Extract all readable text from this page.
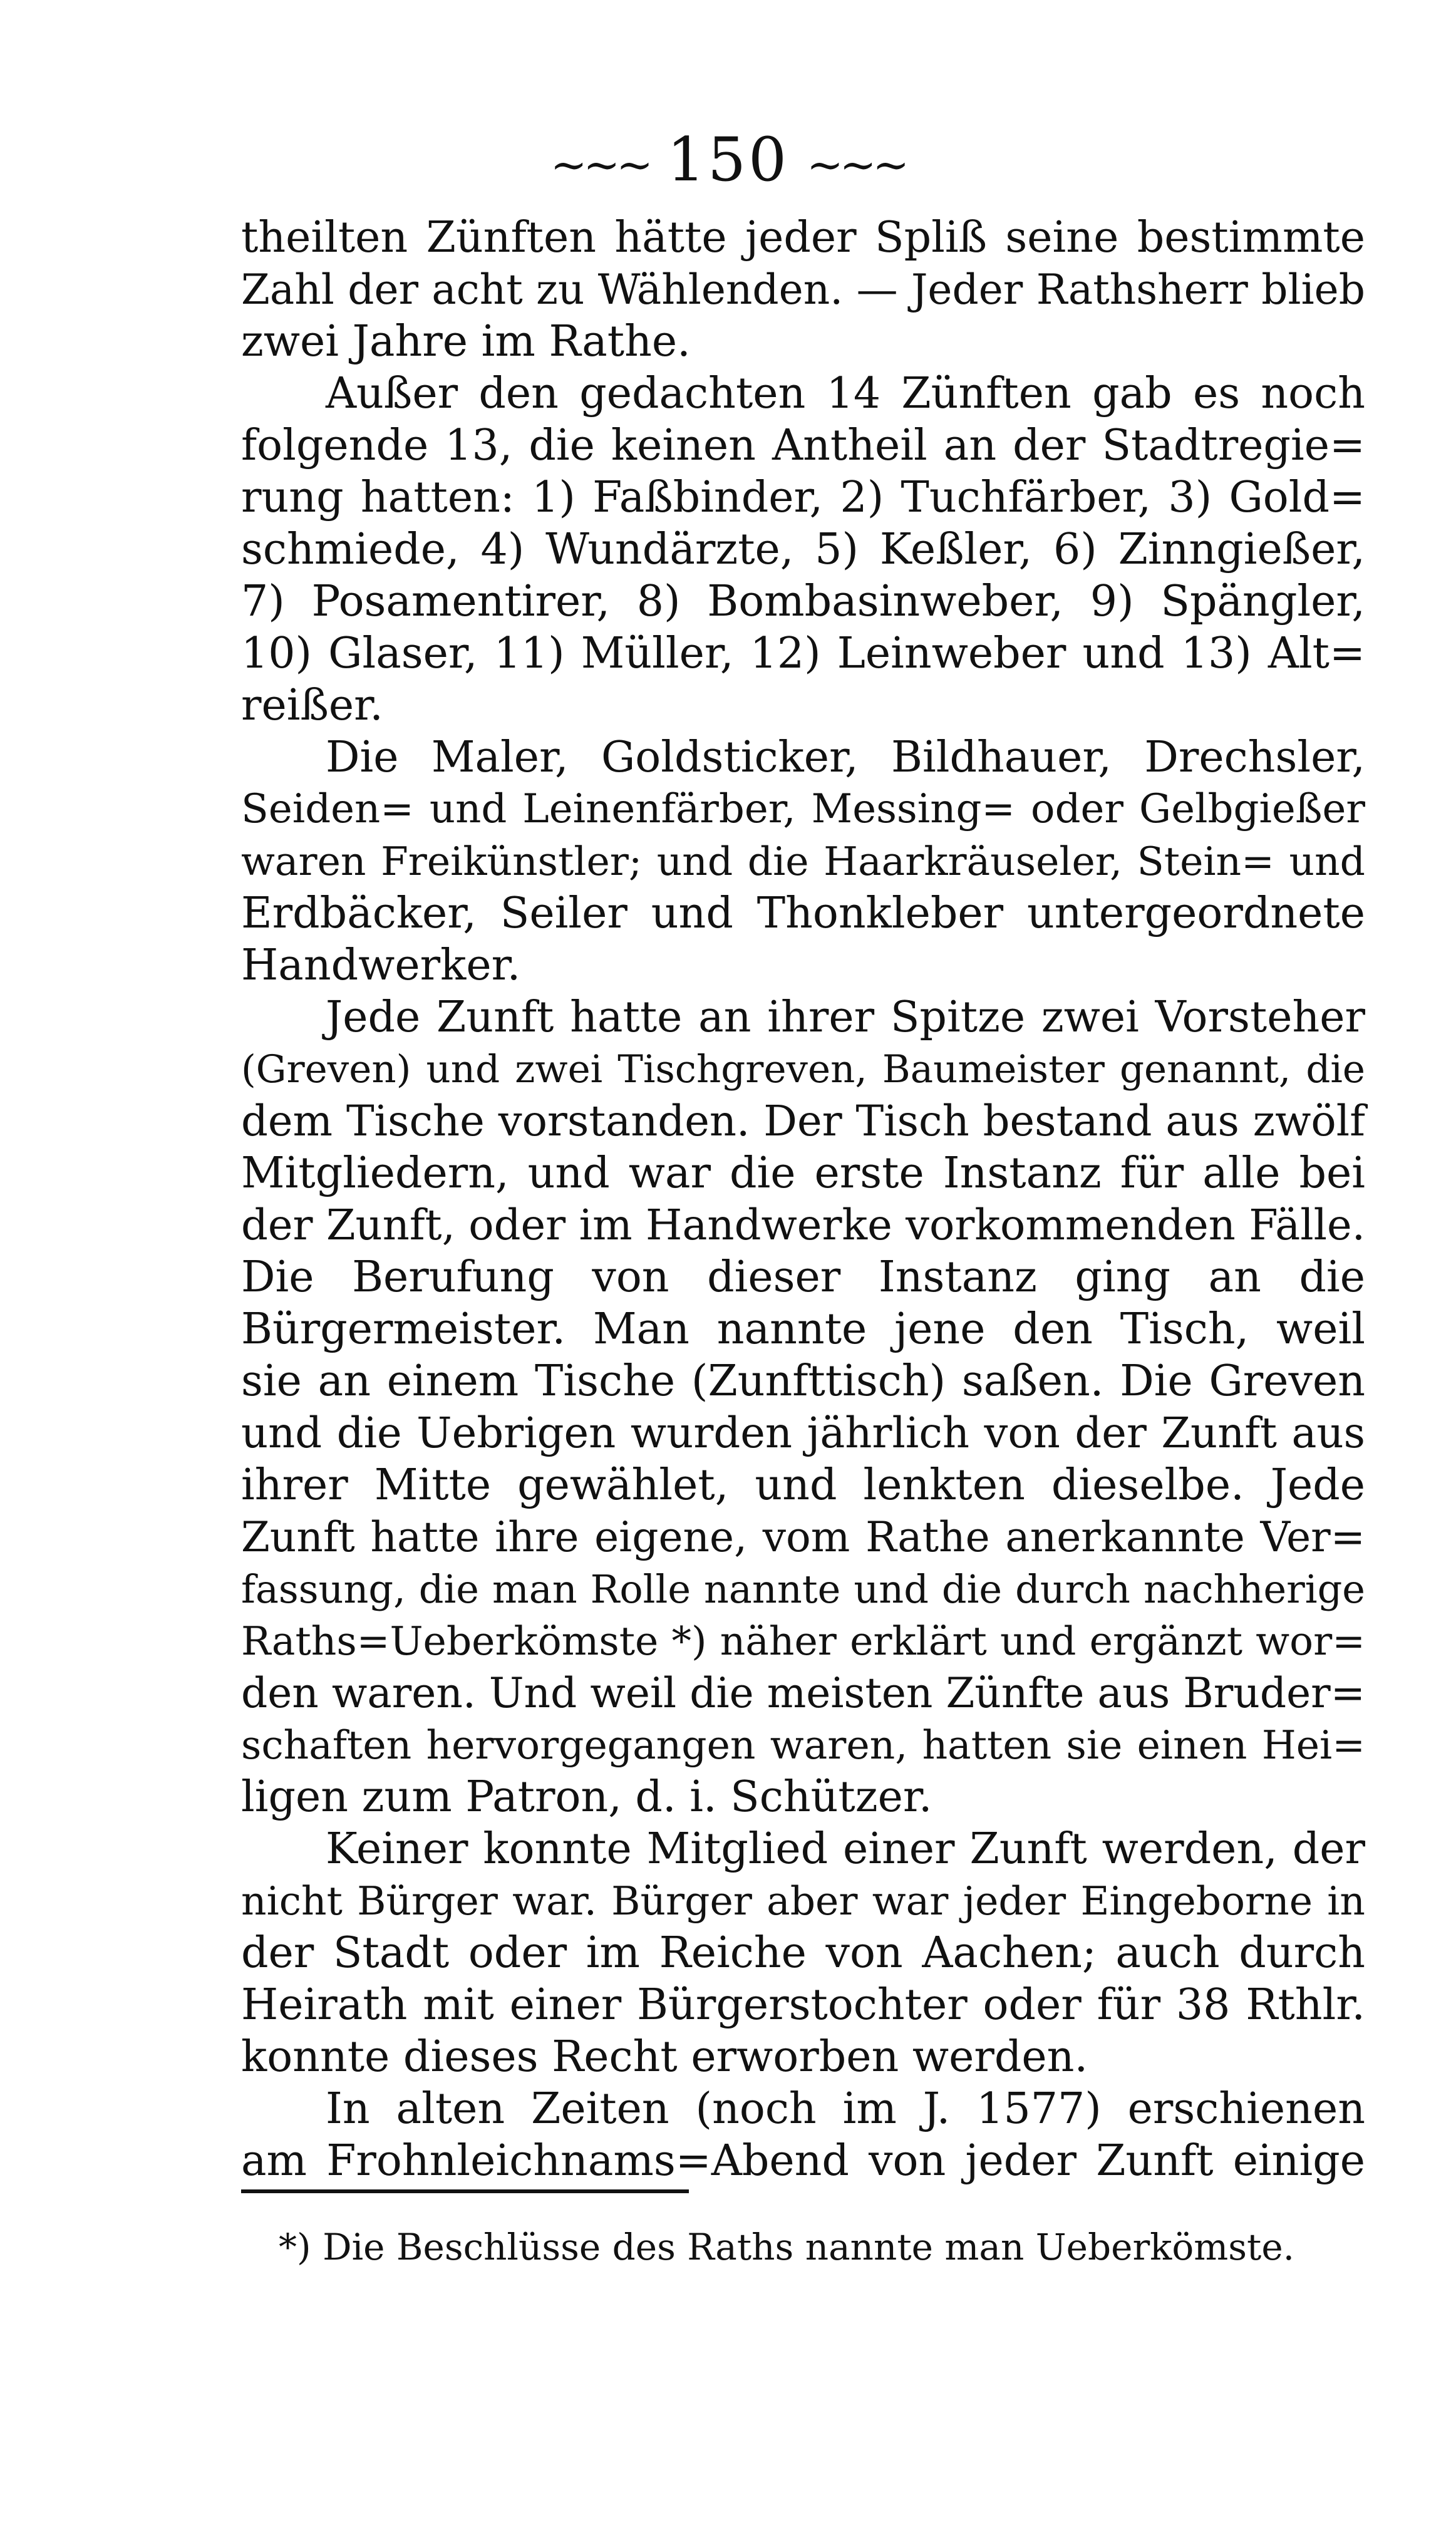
~~~ 150 ~~~
theilten Zünften hätte jeder Spliß seine bestimmte
Zahl der acht zu Wählenden. — Jeder Rathsherr blieb
zwei Jahre im Rathe.
Außer den gedachten 14 Zünften gab es noch
folgende 13, die keinen Antheil an der Stadtregie=
rung hatten: 1) Faßbinder, 2) Tuchfärber, 3) Gold=
schmiede, 4) Wundärzte, 5) Keßler, 6) Zinngießer,
7) Posamentirer, 8) Bombasinweber, 9) Spängler,
10) Glaser, 11) Müller, 12) Leinweber und 13) Alt=
reißer.
Die Maler, Goldsticker, Bildhauer, Drechsler,
Seiden= und Leinenfärber, Messing= oder Gelbgießer
waren Freikünstler; und die Haarkräuseler, Stein= und
Erdbäcker, Seiler und Thonkleber untergeordnete
Handwerker.
Jede Zunft hatte an ihrer Spitze zwei Vorsteher
(Greven) und zwei Tischgreven, Baumeister genannt, die
dem Tische vorstanden. Der Tisch bestand aus zwölf
Mitgliedern, und war die erste Instanz für alle bei
der Zunft, oder im Handwerke vorkommenden Fälle.
Die Berufung von dieser Instanz ging an die
Bürgermeister. Man nannte jene den Tisch, weil
sie an einem Tische (Zunfttisch) saßen. Die Greven
und die Uebrigen wurden jährlich von der Zunft aus
ihrer Mitte gewählet, und lenkten dieselbe. Jede
Zunft hatte ihre eigene, vom Rathe anerkannte Ver=
fassung, die man Rolle nannte und die durch nachherige
Raths=Ueberkömste *) näher erklärt und ergänzt wor=
den waren. Und weil die meisten Zünfte aus Bruder=
schaften hervorgegangen waren, hatten sie einen Hei=
ligen zum Patron, d. i. Schützer.
Keiner konnte Mitglied einer Zunft werden, der
nicht Bürger war. Bürger aber war jeder Eingeborne in
der Stadt oder im Reiche von Aachen; auch durch
Heirath mit einer Bürgerstochter oder für 38 Rthlr.
konnte dieses Recht erworben werden.
In alten Zeiten (noch im J. 1577) erschienen
am Frohnleichnams=Abend von jeder Zunft einige
*) Die Beschlüsse des Raths nannte man Ueberkömste.
